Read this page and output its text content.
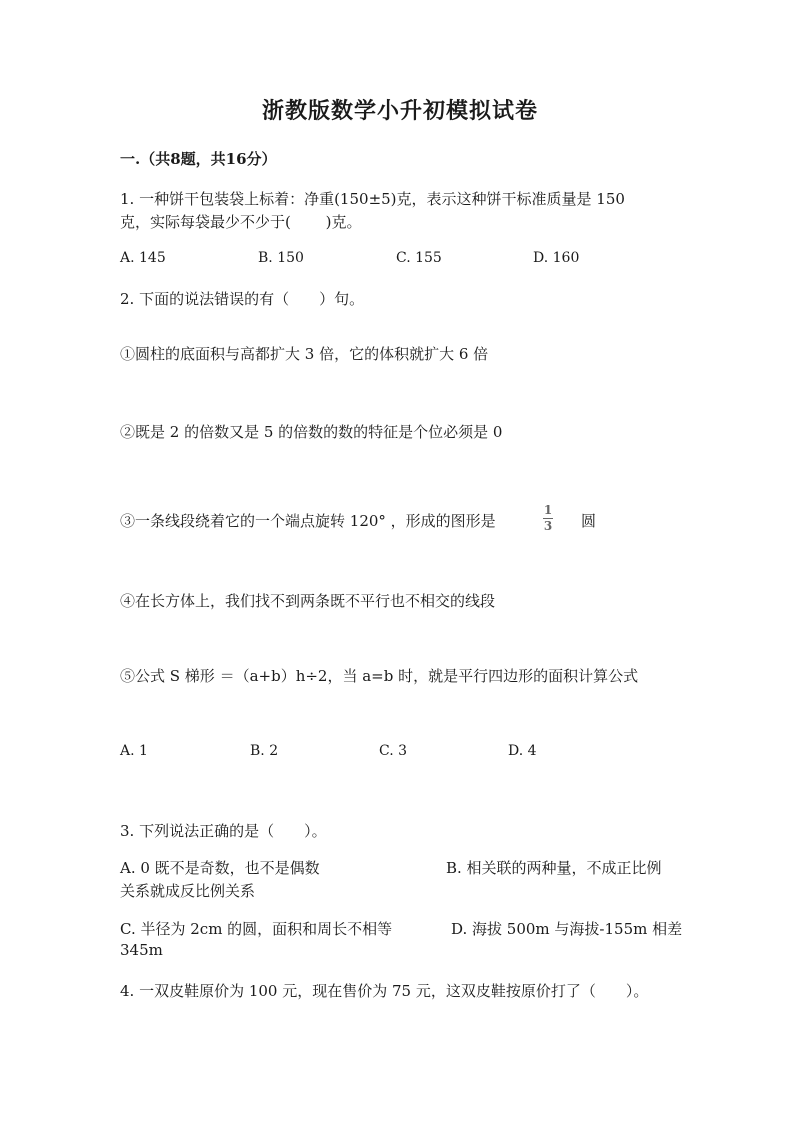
浙教版数学小升初模拟试卷
一.（共8题，共16分）
1. 一种饼干包装袋上标着：净重(150±5)克，表示这种饼干标准质量是 150
克，实际每袋最少不少于(　　 )克。
A. 145	B. 150	C. 155	D. 160
2. 下面的说法错误的有（　　）句。
①圆柱的底面积与高都扩大 3 倍，它的体积就扩大 6 倍
②既是 2 的倍数又是 5 的倍数的数的特征是个位必须是 0
③一条线段绕着它的一个端点旋转 120° ，形成的图形是
1
3 圆
④在长方体上，我们找不到两条既不平行也不相交的线段
⑤公式 S 梯形 ＝（a+b）h÷2，当 a=b 时，就是平行四边形的面积计算公式
A. 1	B. 2	C. 3	D. 4
3. 下列说法正确的是（　　）。
A. 0 既不是奇数，也不是偶数	B. 相关联的两种量，不成正比例
关系就成反比例关系
C. 半径为 2cm 的圆，面积和周长不相等	D. 海拔 500m 与海拔-155m 相差
345m
4. 一双皮鞋原价为 100 元，现在售价为 75 元，这双皮鞋按原价打了（　　）。
